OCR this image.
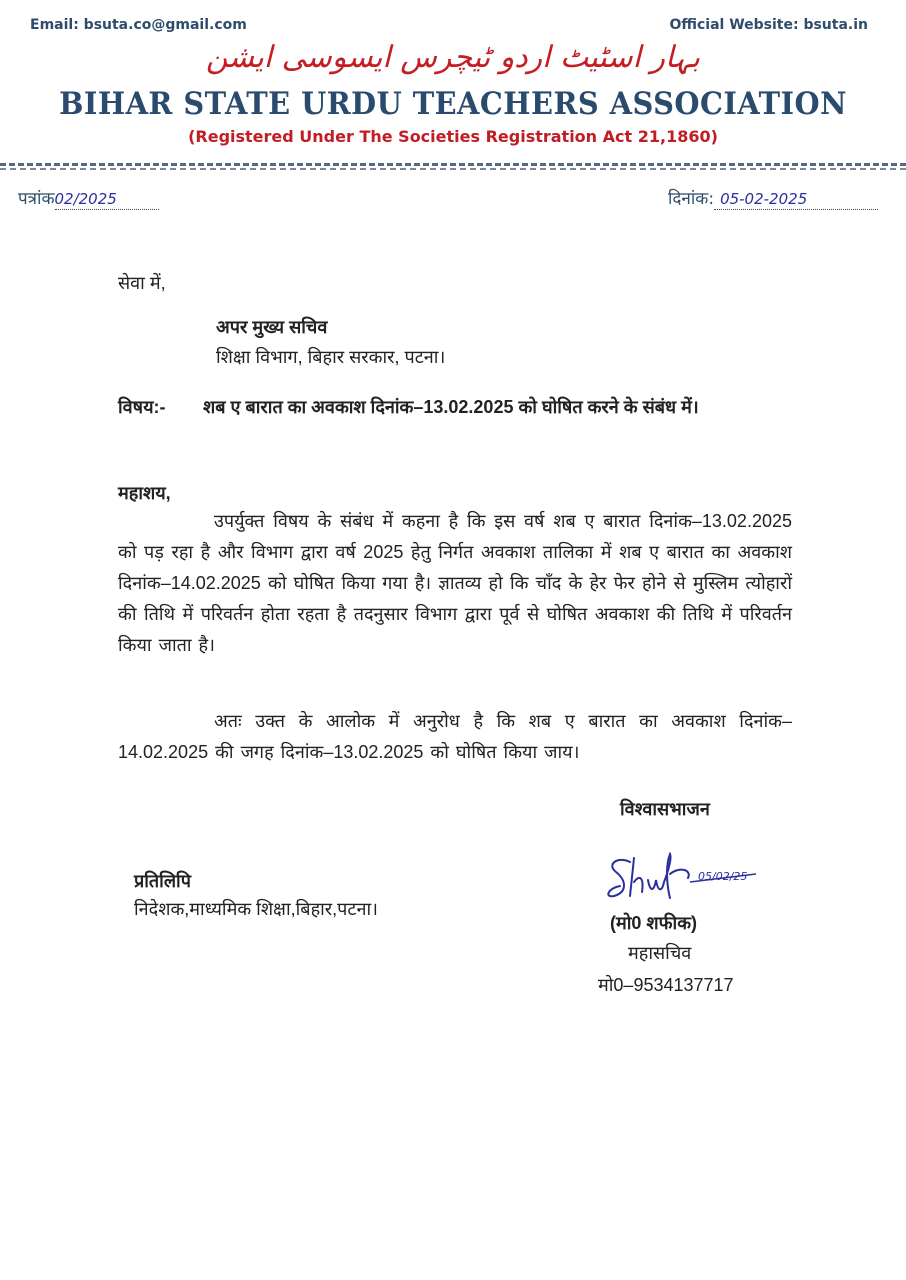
Email: bsuta.co@gmail.com	Official Website: bsuta.in
بہار اسٹیٹ اردو ٹیچرس ایسوسی ایشن
BIHAR STATE URDU TEACHERS ASSOCIATION
(Registered Under The Societies Registration Act 21,1860)
पत्रांक02/2025	दिनांक: 05-02-2025
सेवा में,
अपर मुख्य सचिव
शिक्षा विभाग, बिहार सरकार, पटना।
विषय:- शब ए बारात का अवकाश दिनांक–13.02.2025 को घोषित करने के संबंध में।
महाशय,
उपर्युक्त विषय के संबंध में कहना है कि इस वर्ष शब ए बारात दिनांक–13.02.2025 को पड़ रहा है और विभाग द्वारा वर्ष 2025 हेतु निर्गत अवकाश तालिका में शब ए बारात का अवकाश दिनांक–14.02.2025 को घोषित किया गया है। ज्ञातव्य हो कि चाँद के हेर फेर होने से मुस्लिम त्योहारों की तिथि में परिवर्तन होता रहता है तदनुसार विभाग द्वारा पूर्व से घोषित अवकाश की तिथि में परिवर्तन किया जाता है।
अतः उक्त के आलोक में अनुरोध है कि शब ए बारात का अवकाश दिनांक–14.02.2025 की जगह दिनांक–13.02.2025 को घोषित किया जाय।
विश्वासभाजन
प्रतिलिपि
निदेशक,माध्यमिक शिक्षा,बिहार,पटना।
05/02/25
(मो0 शफीक)
महासचिव
मो0–9534137717
